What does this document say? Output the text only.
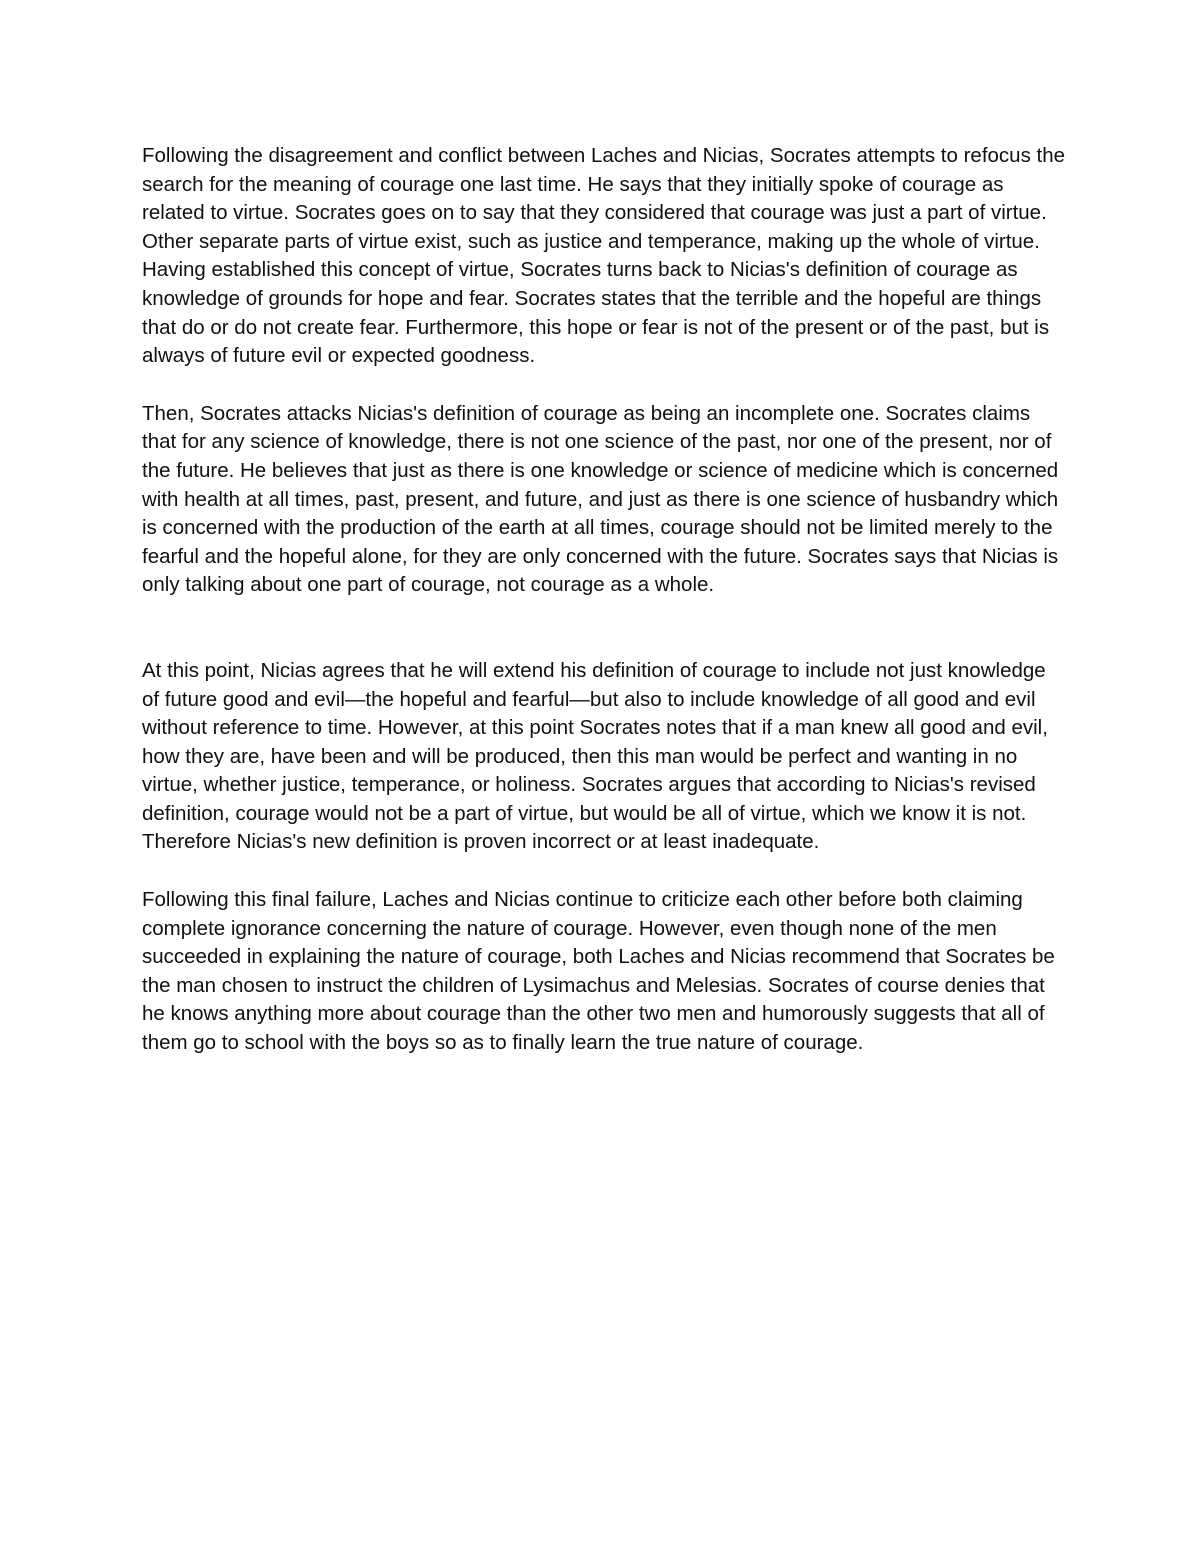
Following the disagreement and conflict between Laches and Nicias, Socrates attempts to refocus the search for the meaning of courage one last time. He says that they initially spoke of courage as related to virtue. Socrates goes on to say that they considered that courage was just a part of virtue. Other separate parts of virtue exist, such as justice and temperance, making up the whole of virtue. Having established this concept of virtue, Socrates turns back to Nicias's definition of courage as knowledge of grounds for hope and fear. Socrates states that the terrible and the hopeful are things that do or do not create fear. Furthermore, this hope or fear is not of the present or of the past, but is always of future evil or expected goodness.

Then, Socrates attacks Nicias's definition of courage as being an incomplete one. Socrates claims that for any science of knowledge, there is not one science of the past, nor one of the present, nor of the future. He believes that just as there is one knowledge or science of medicine which is concerned with health at all times, past, present, and future, and just as there is one science of husbandry which is concerned with the production of the earth at all times, courage should not be limited merely to the fearful and the hopeful alone, for they are only concerned with the future. Socrates says that Nicias is only talking about one part of courage, not courage as a whole.

At this point, Nicias agrees that he will extend his definition of courage to include not just knowledge of future good and evil—the hopeful and fearful—but also to include knowledge of all good and evil without reference to time. However, at this point Socrates notes that if a man knew all good and evil, how they are, have been and will be produced, then this man would be perfect and wanting in no virtue, whether justice, temperance, or holiness. Socrates argues that according to Nicias's revised definition, courage would not be a part of virtue, but would be all of virtue, which we know it is not. Therefore Nicias's new definition is proven incorrect or at least inadequate.

Following this final failure, Laches and Nicias continue to criticize each other before both claiming complete ignorance concerning the nature of courage. However, even though none of the men succeeded in explaining the nature of courage, both Laches and Nicias recommend that Socrates be the man chosen to instruct the children of Lysimachus and Melesias. Socrates of course denies that he knows anything more about courage than the other two men and humorously suggests that all of them go to school with the boys so as to finally learn the true nature of courage.
